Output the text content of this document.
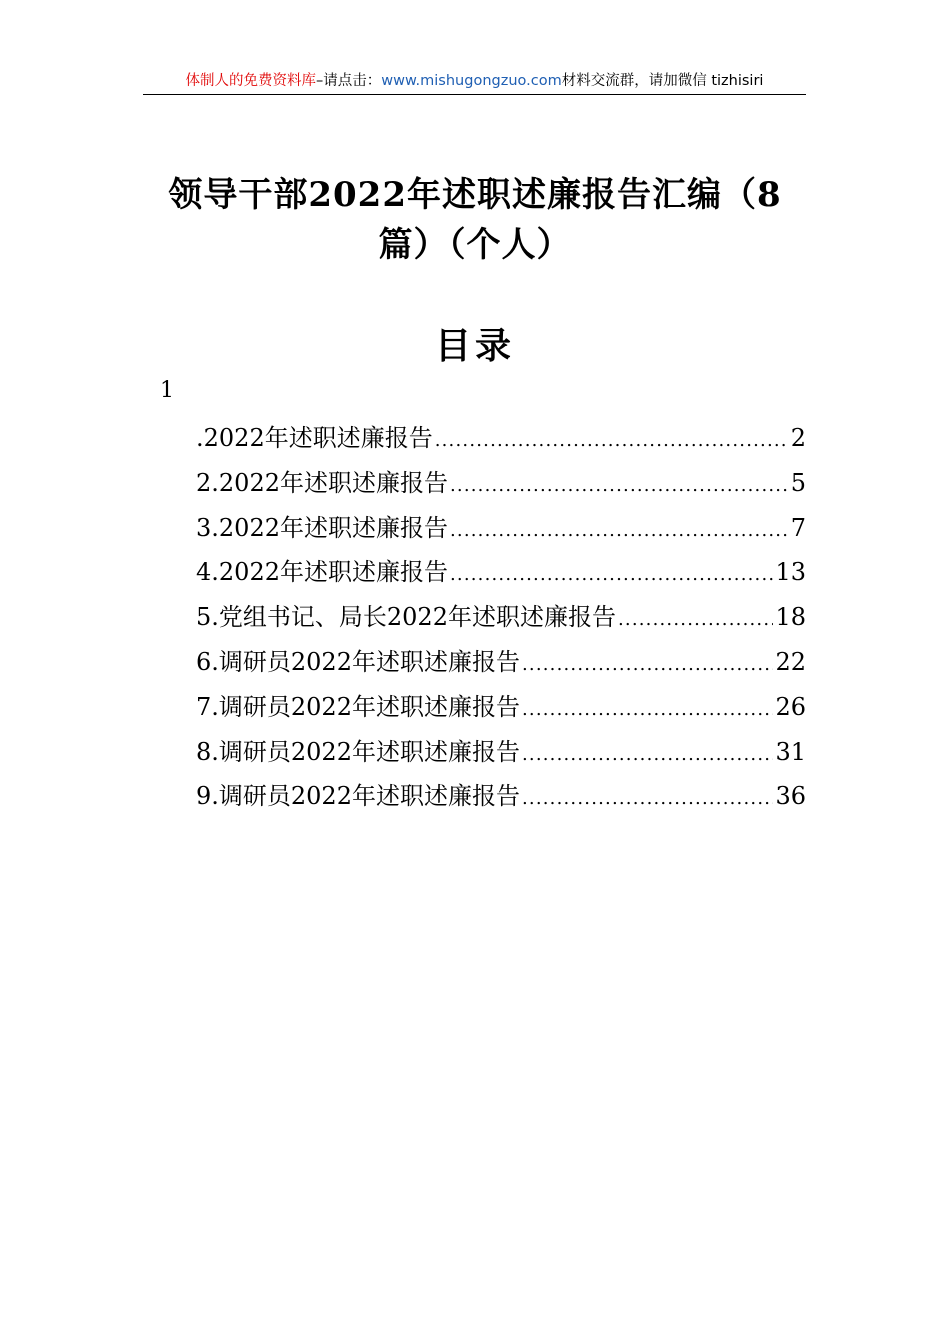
体制人的免费资料库–请点击：www.mishugongzuo.com材料交流群，请加微信 tizhisiri
领导干部2022年述职述廉报告汇编（8篇）（个人）
目录
1
.2022年述职述廉报告 .....	2
2.2022年述职述廉报告 .....	5
3.2022年述职述廉报告 .....	7
4.2022年述职述廉报告 .....	13
5.党组书记、局长2022年述职述廉报告 .....	18
6.调研员2022年述职述廉报告 .....	22
7.调研员2022年述职述廉报告 .....	26
8.调研员2022年述职述廉报告 .....	31
9.调研员2022年述职述廉报告 .....	36
